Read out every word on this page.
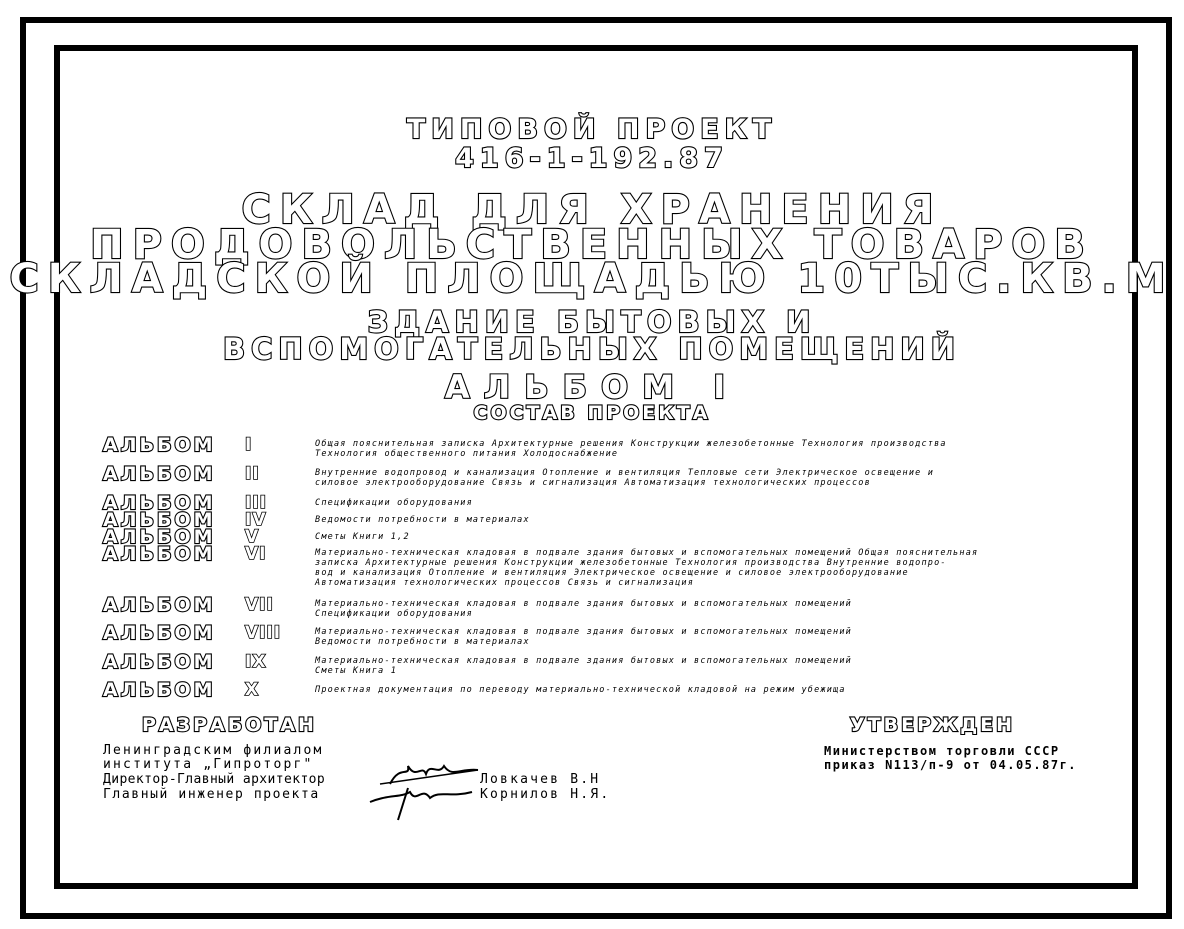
ТИПОВОЙ ПРОЕКТ
416-1-192.87
СКЛАД ДЛЯ ХРАНЕНИЯ
ПРОДОВОЛЬСТВЕННЫХ ТОВАРОВ
СКЛАДСКОЙ ПЛОЩАДЬЮ 10ТЫС.КВ.М
ЗДАНИЕ БЫТОВЫХ И
ВСПОМОГАТЕЛЬНЫХ ПОМЕЩЕНИЙ
АЛЬБОМ I
СОСТАВ ПРОЕКТА
АЛЬБОМ I	Общая пояснительная записка Архитектурные решения Конструкции железобетонные Технология производства
Технология общественного питания Холодоснабжение
АЛЬБОМ II	Внутренние водопровод и канализация Отопление и вентиляция Тепловые сети Электрическое освещение и
силовое электрооборудование Связь и сигнализация Автоматизация технологических процессов
АЛЬБОМ III	Спецификации оборудования
АЛЬБОМ IV	Ведомости потребности в материалах
АЛЬБОМ V	Сметы Книги 1,2
АЛЬБОМ VI	Материально-техническая кладовая в подвале здания бытовых и вспомогательных помещений Общая пояснительная
записка Архитектурные решения Конструкции железобетонные Технология производства Внутренние водопро-
вод и канализация Отопление и вентиляция Электрическое освещение и силовое электрооборудование
Автоматизация технологических процессов Связь и сигнализация
АЛЬБОМ VII	Материально-техническая кладовая в подвале здания бытовых и вспомогательных помещений
Спецификации оборудования
АЛЬБОМ VIII	Материально-техническая кладовая в подвале здания бытовых и вспомогательных помещений
Ведомости потребности в материалах
АЛЬБОМ IX	Материально-техническая кладовая в подвале здания бытовых и вспомогательных помещений
Сметы Книга 1
АЛЬБОМ X	Проектная документация по переводу материально-технической кладовой на режим убежища
РАЗРАБОТАН
Ленинградским филиалом
института „Гипроторг"
Директор-Главный архитектор
Главный инженер проекта
Ловкачев В.Н
Корнилов Н.Я.
УТВЕРЖДЕН
Министерством торговли СССР
приказ N113/п-9 от 04.05.87г.
